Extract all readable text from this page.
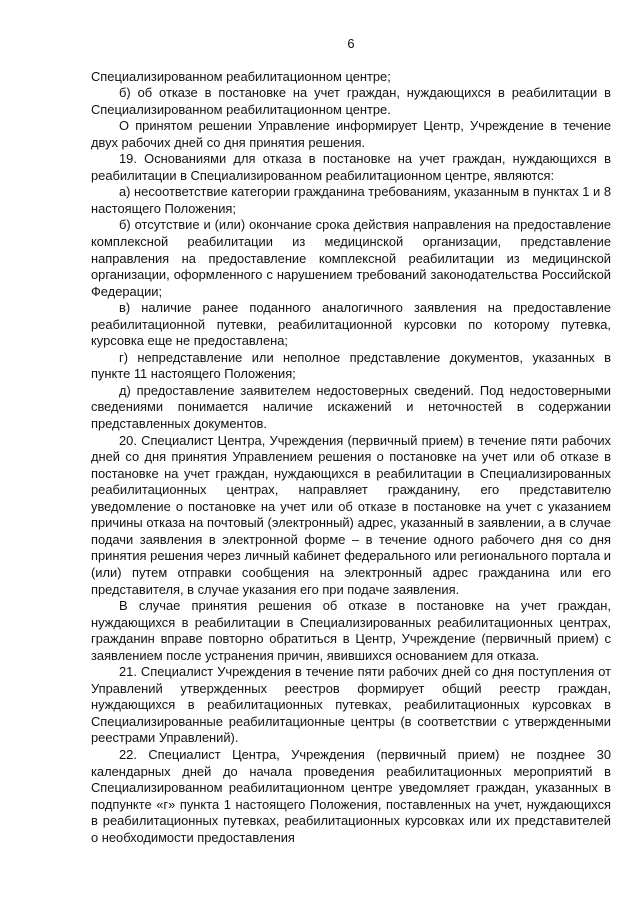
6

Специализированном реабилитационном центре;

б) об отказе в постановке на учет граждан, нуждающихся в реабилитации в Специализированном реабилитационном центре.

О принятом решении Управление информирует Центр, Учреждение в течение двух рабочих дней со дня принятия решения.

19. Основаниями для отказа в постановке на учет граждан, нуждающихся в реабилитации в Специализированном реабилитационном центре, являются:

а) несоответствие категории гражданина требованиям, указанным в пунктах 1 и 8 настоящего Положения;

б) отсутствие и (или) окончание срока действия направления на предоставление комплексной реабилитации из медицинской организации, представление направления на предоставление комплексной реабилитации из медицинской организации, оформленного с нарушением требований законодательства Российской Федерации;

в) наличие ранее поданного аналогичного заявления на предоставление реабилитационной путевки, реабилитационной курсовки по которому путевка, курсовка еще не предоставлена;

г) непредставление или неполное представление документов, указанных в пункте 11 настоящего Положения;

д) предоставление заявителем недостоверных сведений. Под недостоверными сведениями понимается наличие искажений и неточностей в содержании представленных документов.

20. Специалист Центра, Учреждения (первичный прием) в течение пяти рабочих дней со дня принятия Управлением решения о постановке на учет или об отказе в постановке на учет граждан, нуждающихся в реабилитации в Специализированных реабилитационных центрах, направляет гражданину, его представителю уведомление о постановке на учет или об отказе в постановке на учет с указанием причины отказа на почтовый (электронный) адрес, указанный в заявлении, а в случае подачи заявления в электронной форме – в течение одного рабочего дня со дня принятия решения через личный кабинет федерального или регионального портала и (или) путем отправки сообщения на электронный адрес гражданина или его представителя, в случае указания его при подаче заявления.

В случае принятия решения об отказе в постановке на учет граждан, нуждающихся в реабилитации в Специализированных реабилитационных центрах, гражданин вправе повторно обратиться в Центр, Учреждение (первичный прием) с заявлением после устранения причин, явившихся основанием для отказа.

21. Специалист Учреждения в течение пяти рабочих дней со дня поступления от Управлений утвержденных реестров формирует общий реестр граждан, нуждающихся в реабилитационных путевках, реабилитационных курсовках в Специализированные реабилитационные центры (в соответствии с утвержденными реестрами Управлений).

22. Специалист Центра, Учреждения (первичный прием) не позднее 30 календарных дней до начала проведения реабилитационных мероприятий в Специализированном реабилитационном центре уведомляет граждан, указанных в подпункте «г» пункта 1 настоящего Положения, поставленных на учет, нуждающихся в реабилитационных путевках, реабилитационных курсовках или их представителей о необходимости предоставления
